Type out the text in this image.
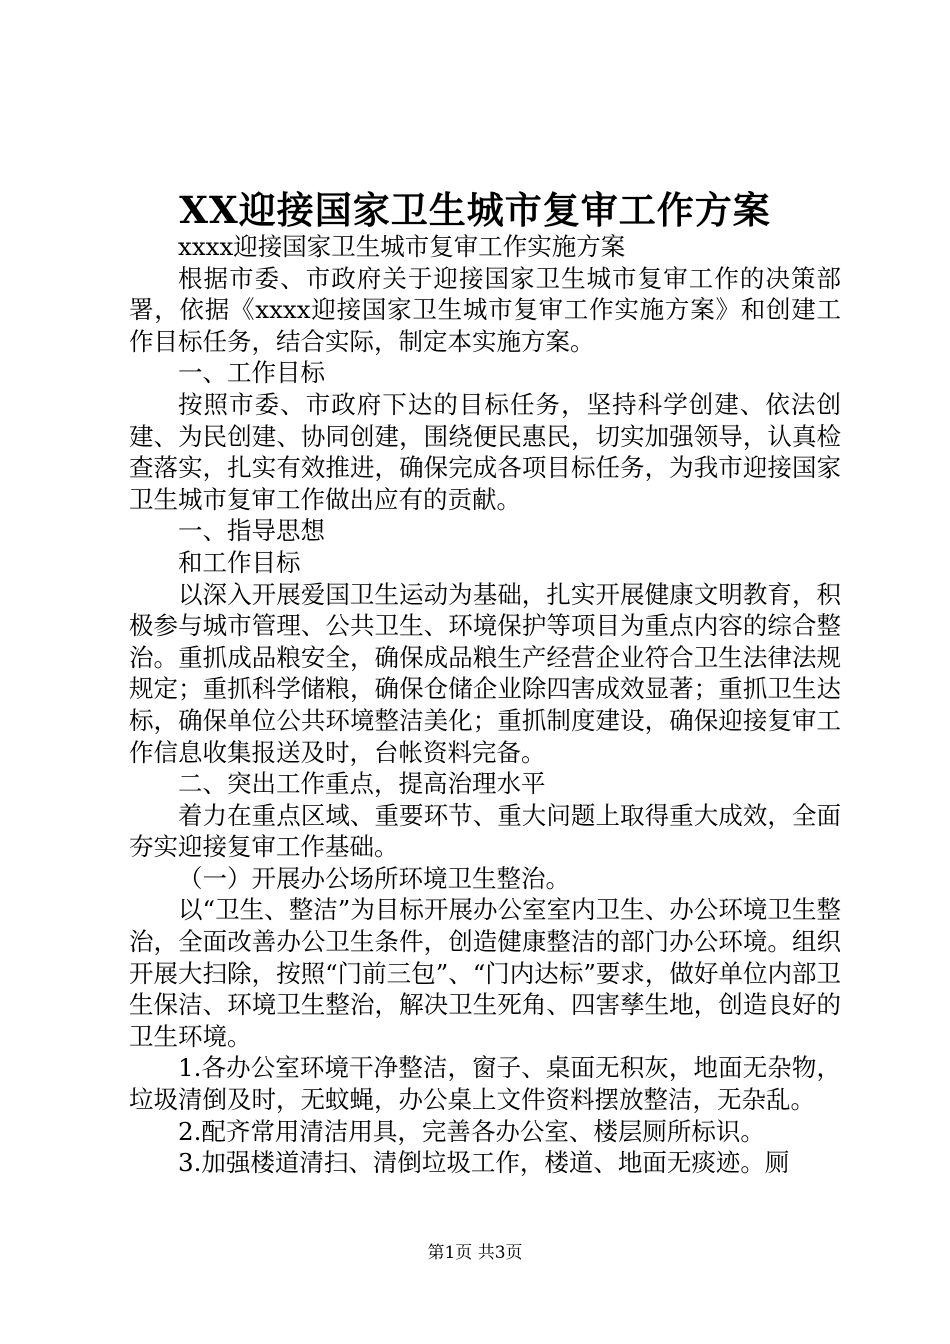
XX迎接国家卫生城市复审工作方案

xxxx迎接国家卫生城市复审工作实施方案

根据市委、市政府关于迎接国家卫生城市复审工作的决策部署，依据《xxxx迎接国家卫生城市复审工作实施方案》和创建工作目标任务，结合实际，制定本实施方案。

一、工作目标

按照市委、市政府下达的目标任务，坚持科学创建、依法创建、为民创建、协同创建，围绕便民惠民，切实加强领导，认真检查落实，扎实有效推进，确保完成各项目标任务，为我市迎接国家卫生城市复审工作做出应有的贡献。

一、指导思想

和工作目标

以深入开展爱国卫生运动为基础，扎实开展健康文明教育，积极参与城市管理、公共卫生、环境保护等项目为重点内容的综合整治。重抓成品粮安全，确保成品粮生产经营企业符合卫生法律法规规定；重抓科学储粮，确保仓储企业除四害成效显著；重抓卫生达标，确保单位公共环境整洁美化；重抓制度建设，确保迎接复审工作信息收集报送及时，台帐资料完备。

二、突出工作重点，提高治理水平

着力在重点区域、重要环节、重大问题上取得重大成效，全面夯实迎接复审工作基础。

（一）开展办公场所环境卫生整治。

以“卫生、整洁”为目标开展办公室室内卫生、办公环境卫生整治，全面改善办公卫生条件，创造健康整洁的部门办公环境。组织开展大扫除，按照“门前三包”、“门内达标”要求，做好单位内部卫生保洁、环境卫生整治，解决卫生死角、四害孳生地，创造良好的卫生环境。

1.各办公室环境干净整洁，窗子、桌面无积灰，地面无杂物，垃圾清倒及时，无蚊蝇，办公桌上文件资料摆放整洁，无杂乱。

2.配齐常用清洁用具，完善各办公室、楼层厕所标识。

3.加强楼道清扫、清倒垃圾工作，楼道、地面无痰迹。厕

第1页 共3页
